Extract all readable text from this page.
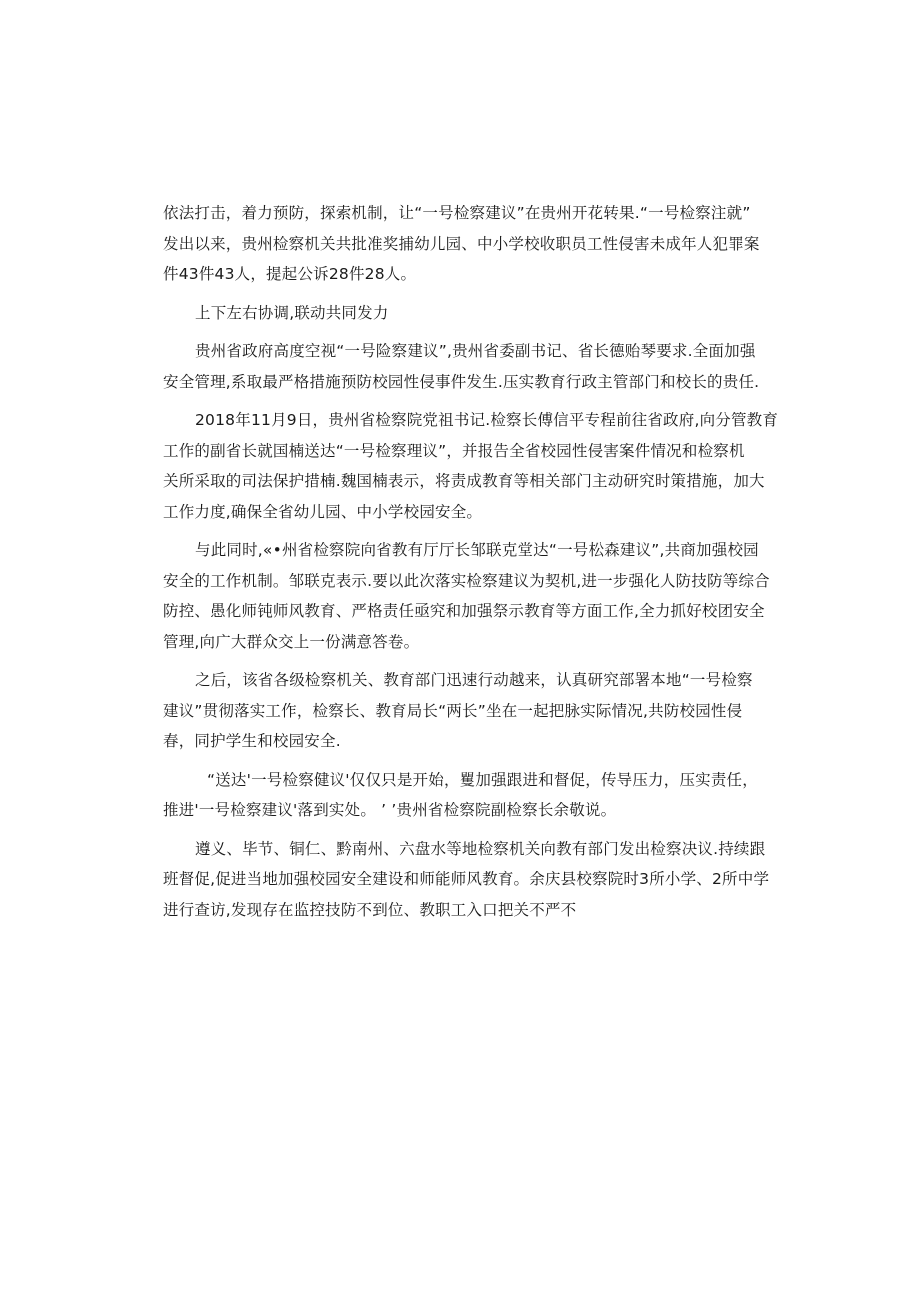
依法打击，着力预防，探索机制，让“一号检察建议”在贵州开花转果.“一号检察注就”
发出以来，贵州检察机关共批准奖捕幼儿园、中小学校收职员工性侵害未成年人犯罪案
件43件43人，提起公诉28件28人。

上下左右协调,联动共同发力

贵州省政府高度空视“一号险察建议”,贵州省委副书记、省长德贻琴要求.全面加强
安全管理,系取最严格措施预防校园性侵事件发生.压实教育行政主管部门和校长的贵任.

2018年11月9日，贵州省检察院党祖书记.检察长傅信平专程前往省政府,向分管教育
工作的副省长就国楠送达“一号检察理议”，并报告全省校园性侵害案件情况和检察机
关所采取的司法保护措楠.魏国楠表示，将责成教育等相关部门主动研究时策措施，加大
工作力度,确保全省幼儿园、中小学校园安全。

与此同时,«•州省检察院向省教有厅厅长邹联克堂达“一号松森建议”,共商加强校园
安全的工作机制。邹联克表示.要以此次落实检察建议为契机,进一步强化人防技防等综合
防控、愚化师钝师风教育、严格责任亟究和加强祭示教育等方面工作,全力抓好校团安全
管理,向广大群众交上一份满意答卷。

之后，该省各级检察机关、教育部门迅速行动越来，认真研究部署本地“一号检察
建议”贯彻落实工作，检察长、教育局长“两长”坐在一起把脉实际情况,共防校园性侵
春，同护学生和校园安全.

“送达'一号检察健议'仅仅只是开始，矍加强跟进和督促，传导压力，压实责任，
推进'一号检察建议'落到实处。 ’ ’贵州省检察院副检察长余敬说。

遵义、毕节、铜仁、黔南州、六盘水等地检察机关向教有部门发出检察决议.持续跟
班督促,促进当地加强校园安全建设和师能师风教育。余庆县校察院时3所小学、2所中学
进行查访,发现存在监控技防不到位、教职工入口把关不严不
